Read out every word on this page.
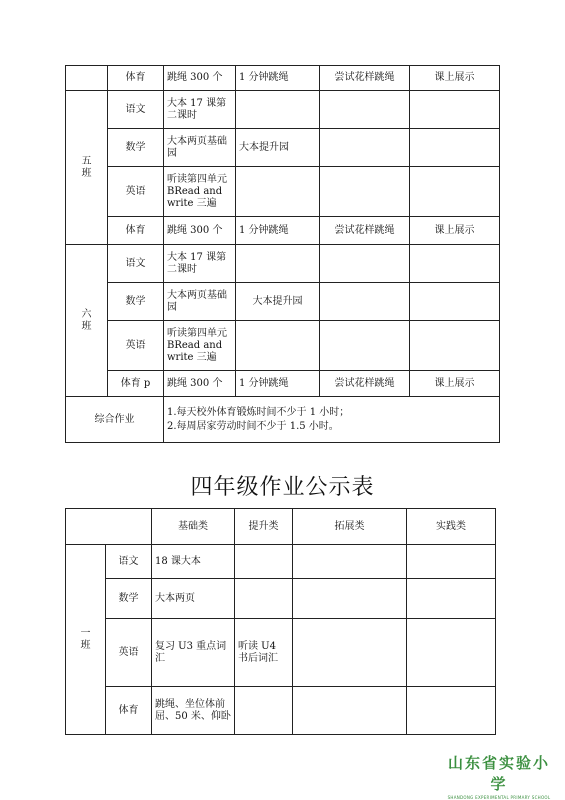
	体育	跳绳 300 个	1 分钟跳绳	尝试花样跳绳	课上展示

五
班	语文	大本 17 课第二课时			
	数学	大本两页基础园	大本提升园		
	英语	听读第四单元 BRead and write 三遍			
	体育	跳绳 300 个	1 分钟跳绳	尝试花样跳绳	课上展示

六
班	语文	大本 17 课第二课时			
	数学	大本两页基础园	大本提升园		
	英语	听读第四单元 BRead and write 三遍			
	体育 p	跳绳 300 个	1 分钟跳绳	尝试花样跳绳	课上展示
综合作业		1.每天校外体育锻炼时间不少于 1 小时；
2.每周居家劳动时间不少于 1.5 小时。			
四年级作业公示表
		基础类	提升类	拓展类	实践类

一
班	语文	18 课大本			
	数学	大本两页			
	英语	复习 U3 重点词汇	听读 U4 书后词汇		
	体育	跳绳、坐位体前屈、50 米、仰卧			
山东省实验小学
SHANDONG EXPERIMENTAL PRIMARY SCHOOL
